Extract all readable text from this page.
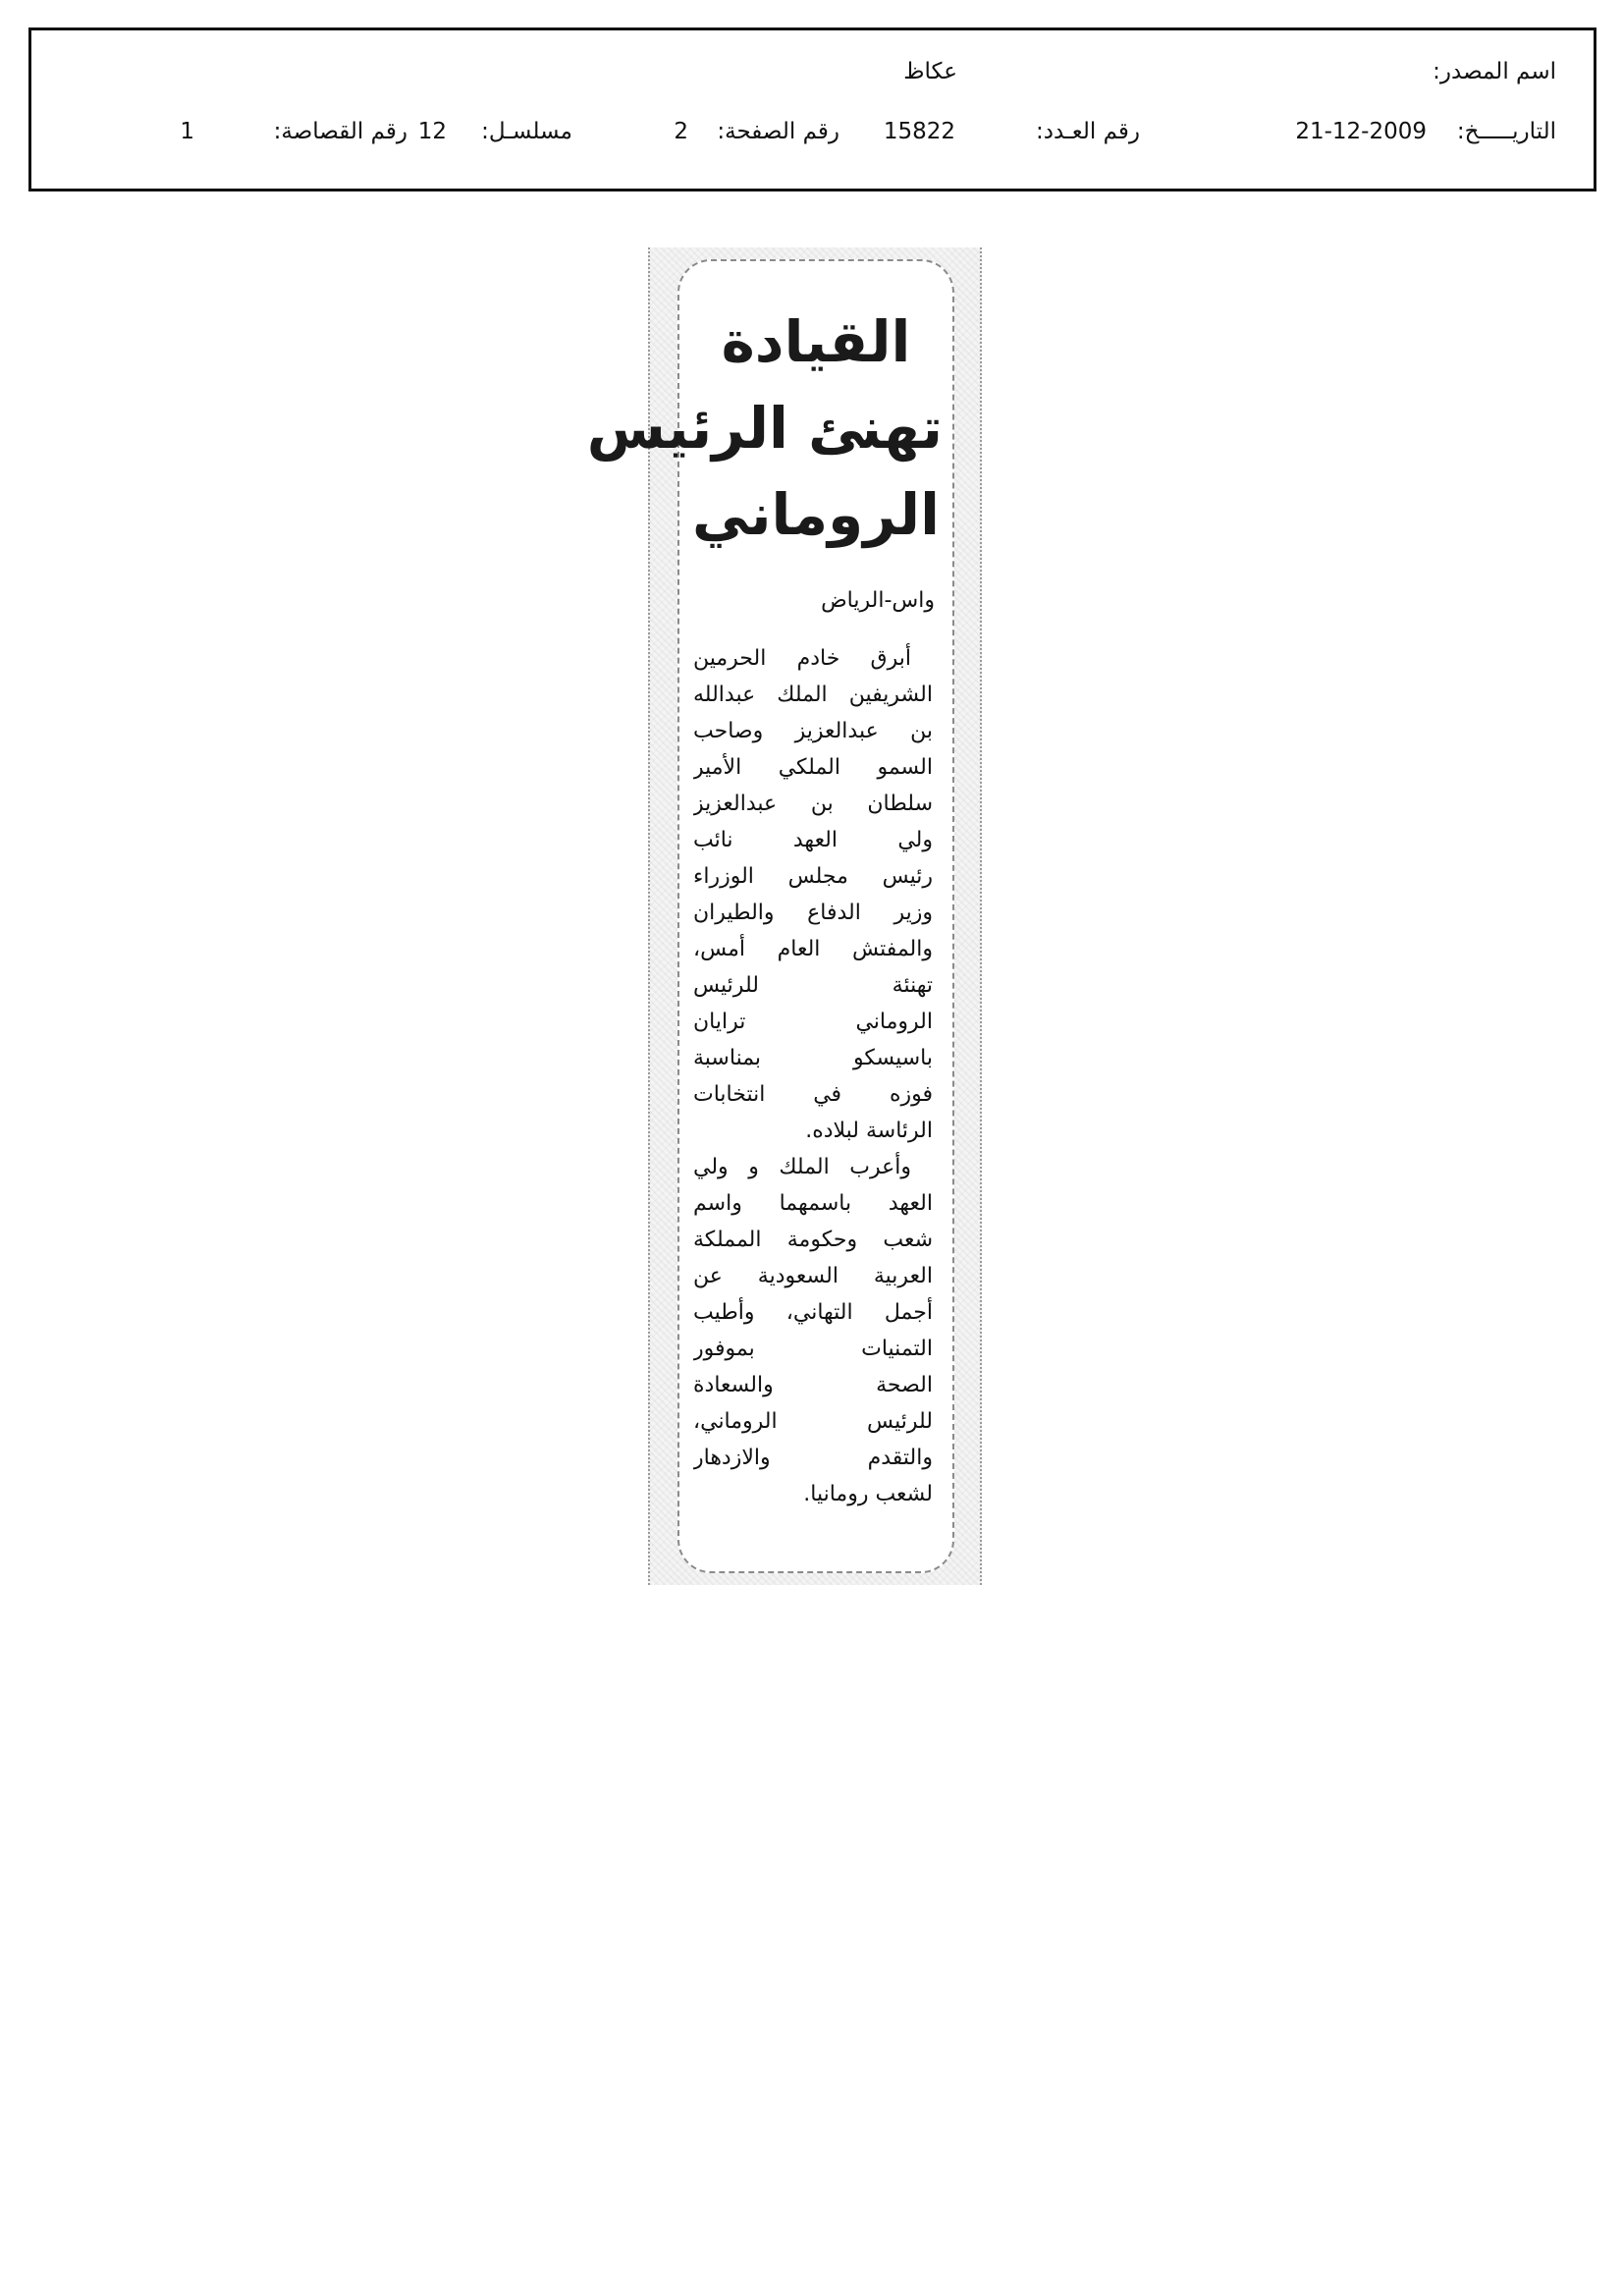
اسم المصدر:
عكاظ
التاريـــــخ:
21-12-2009
رقم العـدد:
15822
رقم الصفحة:
2
مسلسـل:
12
رقم القصاصة:
1
القيادة
تهنئ الرئيس
الروماني
واس-الرياض
أبرق خادم الحرمين
الشريفين الملك عبدالله
بن عبدالعزيز وصاحب
السمو الملكي الأمير
سلطان بن عبدالعزيز
ولي العهد نائب
رئيس مجلس الوزراء
وزير الدفاع والطيران
والمفتش العام أمس،
تهنئة للرئيس
الروماني ترايان
باسيسكو بمناسبة
فوزه في انتخابات
الرئاسة لبلاده.
وأعرب الملك و ولي
العهد باسمهما واسم
شعب وحكومة المملكة
العربية السعودية عن
أجمل التهاني، وأطيب
التمنيات بموفور
الصحة والسعادة
للرئيس الروماني،
والتقدم والازدهار
لشعب رومانيا.
